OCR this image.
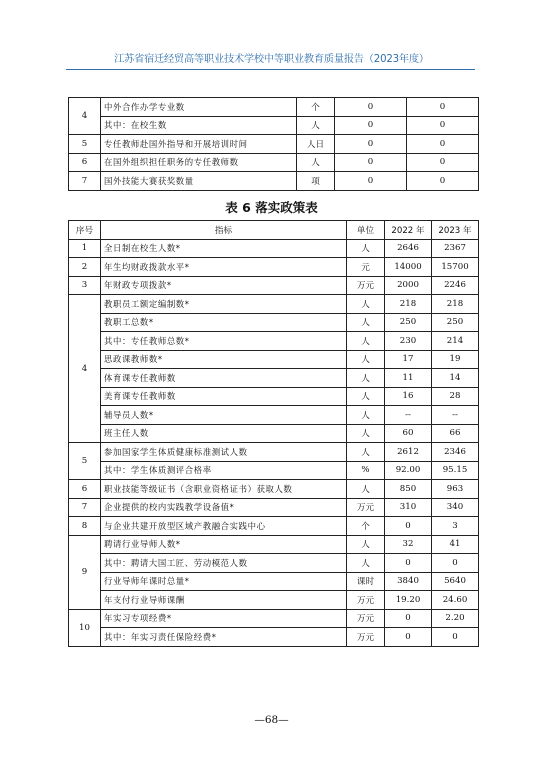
江苏省宿迁经贸高等职业技术学校中等职业教育质量报告（2023年度）
4	中外合作办学专业数	个	0	0
	其中：在校生数	人	0	0
5	专任教师赴国外指导和开展培训时间	人日	0	0
6	在国外组织担任职务的专任教师数	人	0	0
7	国外技能大赛获奖数量	项	0	0
表 6 落实政策表
序号	指标	单位	2022 年	2023 年
1	全日制在校生人数*	人	2646	2367
2	年生均财政拨款水平*	元	14000	15700
3	年财政专项拨款*	万元	2000	2246
4	教职员工额定编制数*	人	218	218
	教职工总数*	人	250	250
	其中：专任教师总数*	人	230	214
	思政课教师数*	人	17	19
	体育课专任教师数	人	11	14
	美育课专任教师数	人	16	28
	辅导员人数*	人	--	--
	班主任人数	人	60	66
5	参加国家学生体质健康标准测试人数	人	2612	2346
	其中：学生体质测评合格率	%	92.00	95.15
6	职业技能等级证书（含职业资格证书）获取人数	人	850	963
7	企业提供的校内实践教学设备值*	万元	310	340
8	与企业共建开放型区域产教融合实践中心	个	0	3
9	聘请行业导师人数*	人	32	41
	其中：聘请大国工匠、劳动模范人数	人	0	0
	行业导师年课时总量*	课时	3840	5640
	年支付行业导师课酬	万元	19.20	24.60
10	年实习专项经费*	万元	0	2.20
	其中：年实习责任保险经费*	万元	0	0
—68—
